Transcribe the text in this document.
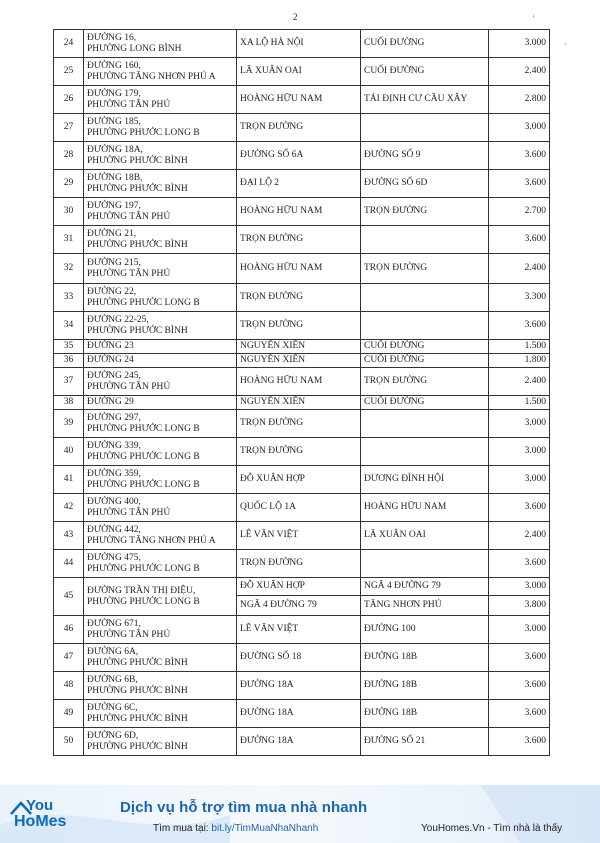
2	'
·
24	ĐƯỜNG 16,
PHƯỜNG LONG BÌNH	XA LỘ HÀ NỘI	CUỐI ĐƯỜNG	3.000
25	ĐƯỜNG 160,
PHƯỜNG TĂNG NHƠN PHÚ A	LÃ XUÂN OAI	CUỐI ĐƯỜNG	2.400
26	ĐƯỜNG 179,
PHƯỜNG TÂN PHÚ	HOÀNG HỮU NAM	TÁI ĐỊNH CƯ CẦU XÂY	2.800
27	ĐƯỜNG 185,
PHƯỜNG PHƯỚC LONG B	TRỌN ĐƯỜNG		3.000
28	ĐƯỜNG 18A,
PHƯỜNG PHƯỚC BÌNH	ĐƯỜNG SỐ 6A	ĐƯỜNG SỐ 9	3.600
29	ĐƯỜNG 18B,
PHƯỜNG PHƯỚC BÌNH	ĐẠI LỘ 2	ĐƯỜNG SỐ 6D	3.600
30	ĐƯỜNG 197,
PHƯỜNG TÂN PHÚ	HOÀNG HỮU NAM	TRỌN ĐƯỜNG	2.700
31	ĐƯỜNG 21,
PHƯỜNG PHƯỚC BÌNH	TRỌN ĐƯỜNG		3.600
32	ĐƯỜNG 215,
PHƯỜNG TÂN PHÚ	HOÀNG HỮU NAM	TRỌN ĐƯỜNG	2.400
33	ĐƯỜNG 22,
PHƯỜNG PHƯỚC LONG B	TRỌN ĐƯỜNG		3.300
34	ĐƯỜNG 22-25,
PHƯỜNG PHƯỚC BÌNH	TRỌN ĐƯỜNG		3.600
35	ĐƯỜNG 23	NGUYỄN XIỂN	CUỐI ĐƯỜNG	1.500
36	ĐƯỜNG 24	NGUYỄN XIỂN	CUỐI ĐƯỜNG	1.800
37	ĐƯỜNG 245,
PHƯỜNG TÂN PHÚ	HOÀNG HỮU NAM	TRỌN ĐƯỜNG	2.400
38	ĐƯỜNG 29	NGUYỄN XIỂN	CUỐI ĐƯỜNG	1.500
39	ĐƯỜNG 297,
PHƯỜNG PHƯỚC LONG B	TRỌN ĐƯỜNG		3.000
40	ĐƯỜNG 339,
PHƯỜNG PHƯỚC LONG B	TRỌN ĐƯỜNG		3.000
41	ĐƯỜNG 359,
PHƯỜNG PHƯỚC LONG B	ĐỖ XUÂN HỢP	DƯƠNG ĐÌNH HỘI	3.000
42	ĐƯỜNG 400,
PHƯỜNG TÂN PHÚ	QUỐC LỘ 1A	HOÀNG HỮU NAM	3.600
43	ĐƯỜNG 442,
PHƯỜNG TĂNG NHƠN PHÚ A	LÊ VĂN VIỆT	LÃ XUÂN OAI	2.400
44	ĐƯỜNG 475,
PHƯỜNG PHƯỚC LONG B	TRỌN ĐƯỜNG		3.600
45	ĐƯỜNG TRẦN THỊ ĐIỆU,
PHƯỜNG PHƯỚC LONG B	ĐỖ XUÂN HỢP	NGÃ 4 ĐƯỜNG 79	3.000
		NGÃ 4 ĐƯỜNG 79	TĂNG NHƠN PHÚ	3.800
46	ĐƯỜNG 671,
PHƯỜNG TÂN PHÚ	LÊ VĂN VIỆT	ĐƯỜNG 100	3.000
47	ĐƯỜNG 6A,
PHƯỜNG PHƯỚC BÌNH	ĐƯỜNG SỐ 18	ĐƯỜNG 18B	3.600
48	ĐƯỜNG 6B,
PHƯỜNG PHƯỚC BÌNH	ĐƯỜNG 18A	ĐƯỜNG 18B	3.600
49	ĐƯỜNG 6C,
PHƯỜNG PHƯỚC BÌNH	ĐƯỜNG 18A	ĐƯỜNG 18B	3.600
50	ĐƯỜNG 6D,
PHƯỜNG PHƯỚC BÌNH	ĐƯỜNG 18A	ĐƯỜNG SỐ 21	3.600
You
HoMes
Dịch vụ hỗ trợ tìm mua nhà nhanh
Tìm mua tại: bit.ly/TimMuaNhaNhanh	YouHomes.Vn - Tìm nhà là thấy
